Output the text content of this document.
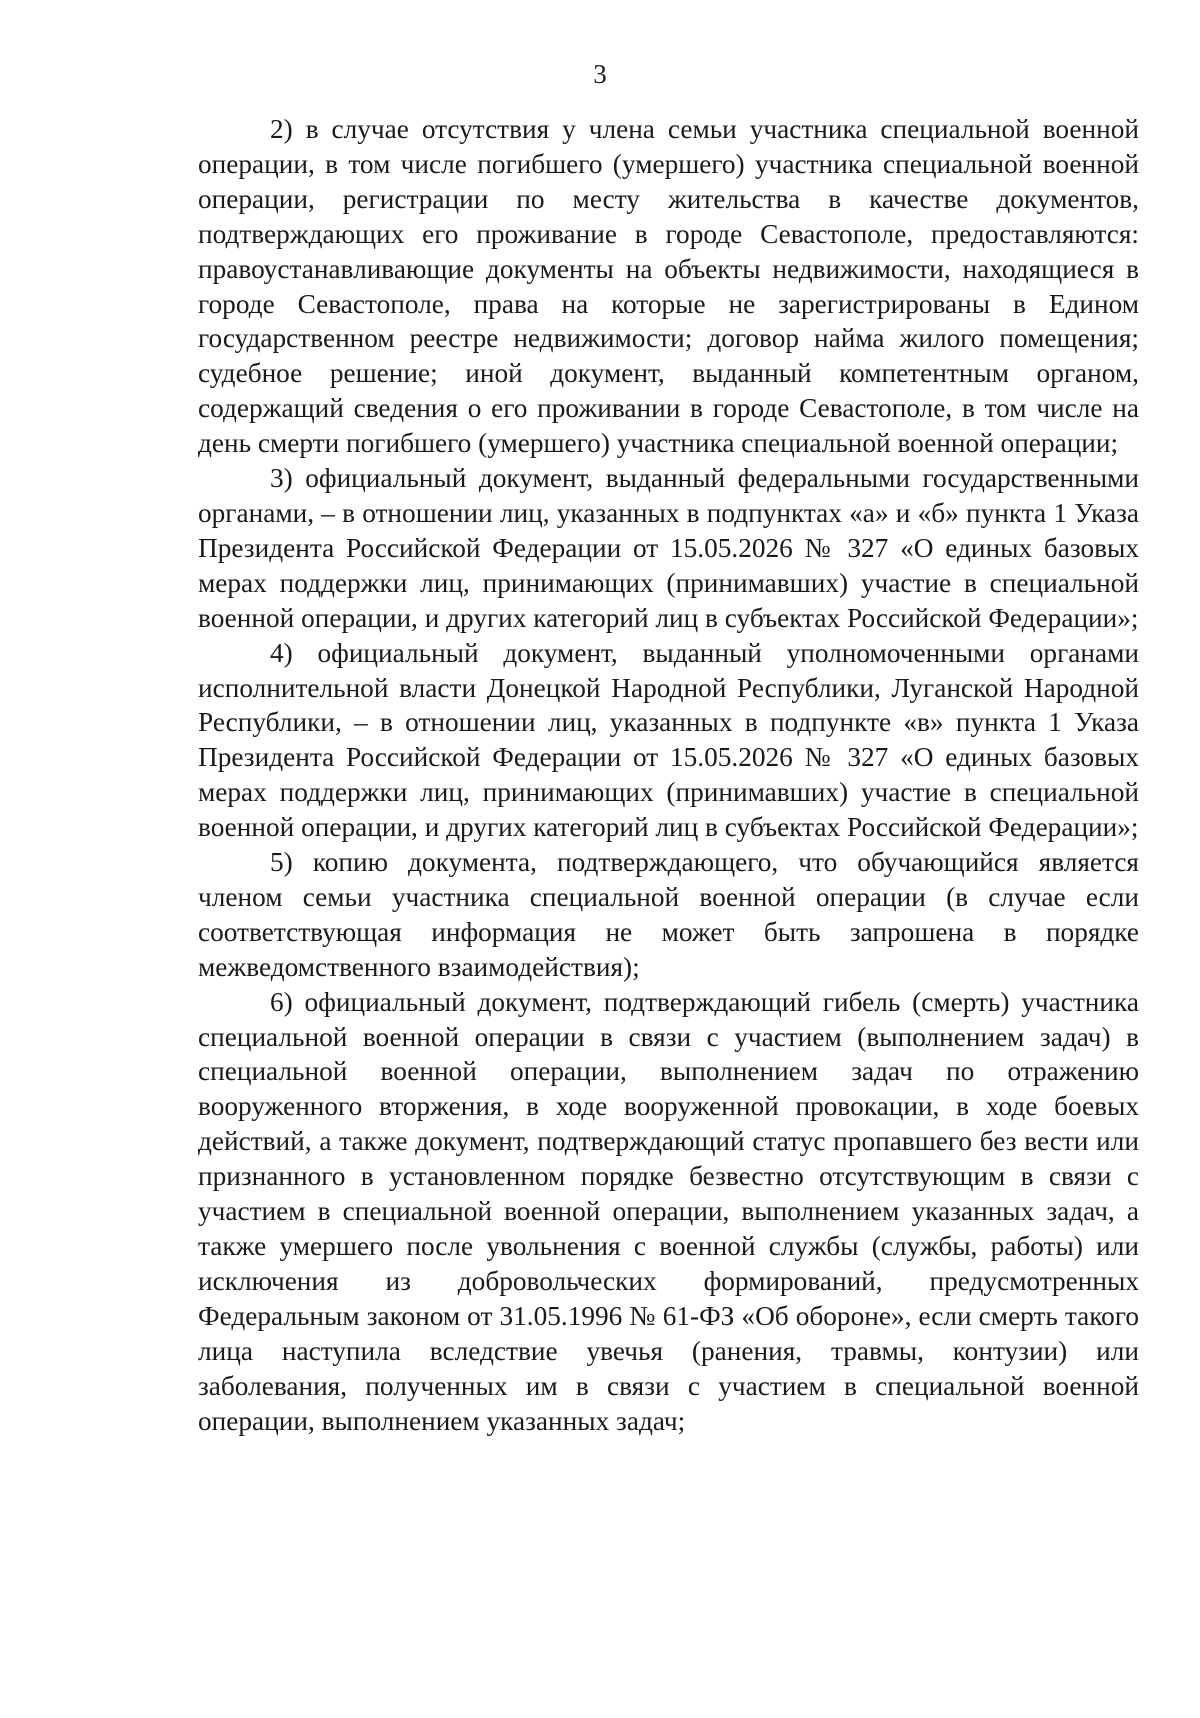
3

2) в случае отсутствия у члена семьи участника специальной военной операции, в том числе погибшего (умершего) участника специальной военной операции, регистрации по месту жительства в качестве документов, подтверждающих его проживание в городе Севастополе, предоставляются: правоустанавливающие документы на объекты недвижимости, находящиеся в городе Севастополе, права на которые не зарегистрированы в Едином государственном реестре недвижимости; договор найма жилого помещения; судебное решение; иной документ, выданный компетентным органом, содержащий сведения о его проживании в городе Севастополе, в том числе на день смерти погибшего (умершего) участника специальной военной операции;

3) официальный документ, выданный федеральными государственными органами, – в отношении лиц, указанных в подпунктах «а» и «б» пункта 1 Указа Президента Российской Федерации от 15.05.2026 № 327 «О единых базовых мерах поддержки лиц, принимающих (принимавших) участие в специальной военной операции, и других категорий лиц в субъектах Российской Федерации»;

4) официальный документ, выданный уполномоченными органами исполнительной власти Донецкой Народной Республики, Луганской Народной Республики, – в отношении лиц, указанных в подпункте «в» пункта 1 Указа Президента Российской Федерации от 15.05.2026 № 327 «О единых базовых мерах поддержки лиц, принимающих (принимавших) участие в специальной военной операции, и других категорий лиц в субъектах Российской Федерации»;

5) копию документа, подтверждающего, что обучающийся является членом семьи участника специальной военной операции (в случае если соответствующая информация не может быть запрошена в порядке межведомственного взаимодействия);

6) официальный документ, подтверждающий гибель (смерть) участника специальной военной операции в связи с участием (выполнением задач) в специальной военной операции, выполнением задач по отражению вооруженного вторжения, в ходе вооруженной провокации, в ходе боевых действий, а также документ, подтверждающий статус пропавшего без вести или признанного в установленном порядке безвестно отсутствующим в связи с участием в специальной военной операции, выполнением указанных задач, а также умершего после увольнения с военной службы (службы, работы) или исключения из добровольческих формирований, предусмотренных Федеральным законом от 31.05.1996 № 61-ФЗ «Об обороне», если смерть такого лица наступила вследствие увечья (ранения, травмы, контузии) или заболевания, полученных им в связи с участием в специальной военной операции, выполнением указанных задач;
